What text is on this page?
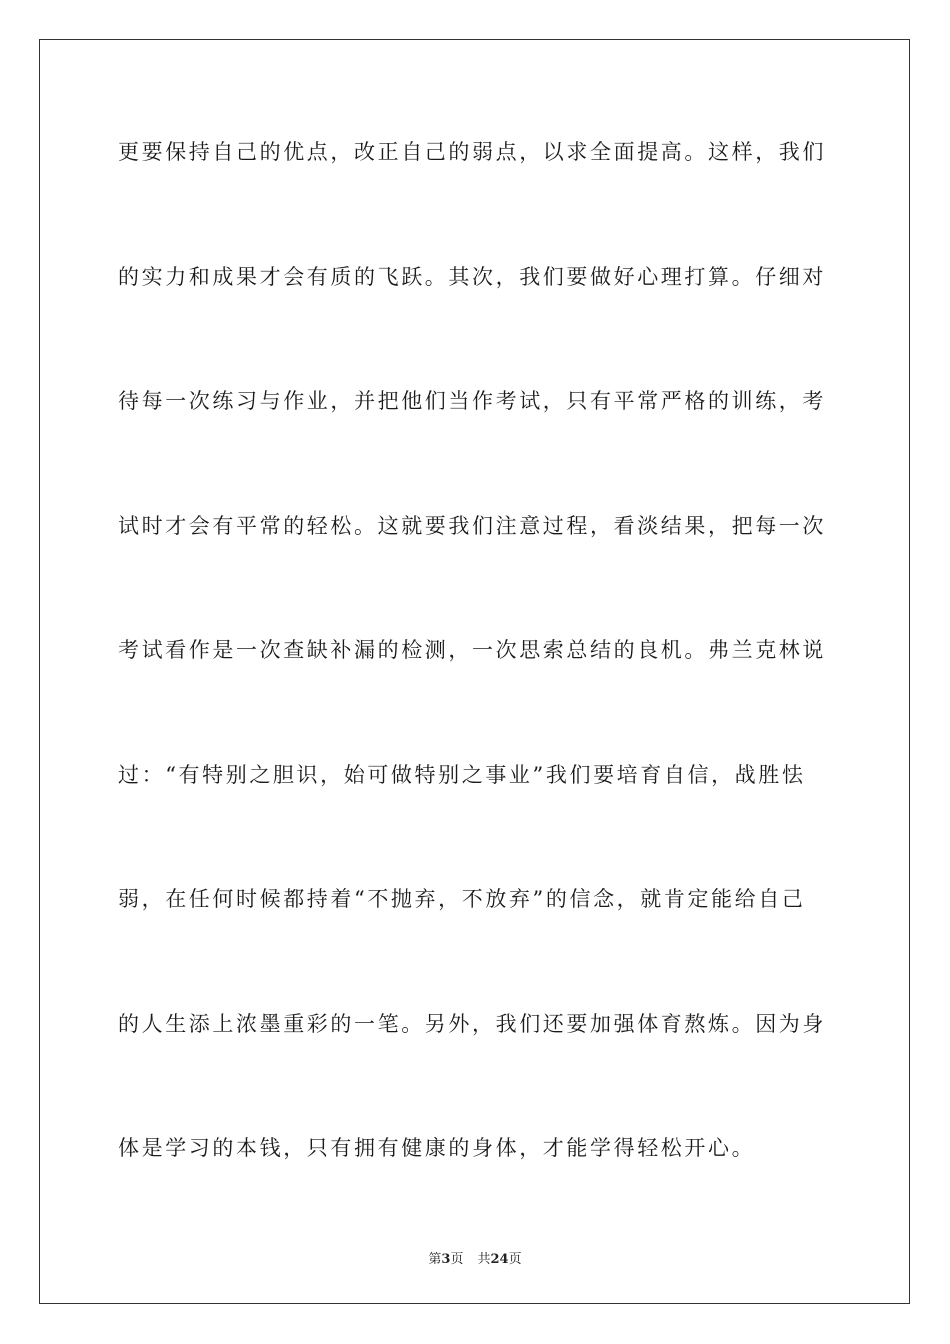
更要保持自己的优点，改正自己的弱点，以求全面提高。这样，我们
的实力和成果才会有质的飞跃。其次，我们要做好心理打算。仔细对
待每一次练习与作业，并把他们当作考试，只有平常严格的训练，考
试时才会有平常的轻松。这就要我们注意过程，看淡结果，把每一次
考试看作是一次查缺补漏的检测，一次思索总结的良机。弗兰克林说
过：“有特别之胆识，始可做特别之事业”我们要培育自信，战胜怯
弱，在任何时候都持着“不抛弃，不放弃”的信念，就肯定能给自己
的人生添上浓墨重彩的一笔。另外，我们还要加强体育熬炼。因为身
体是学习的本钱，只有拥有健康的身体，才能学得轻松开心。
第3页 共24页
